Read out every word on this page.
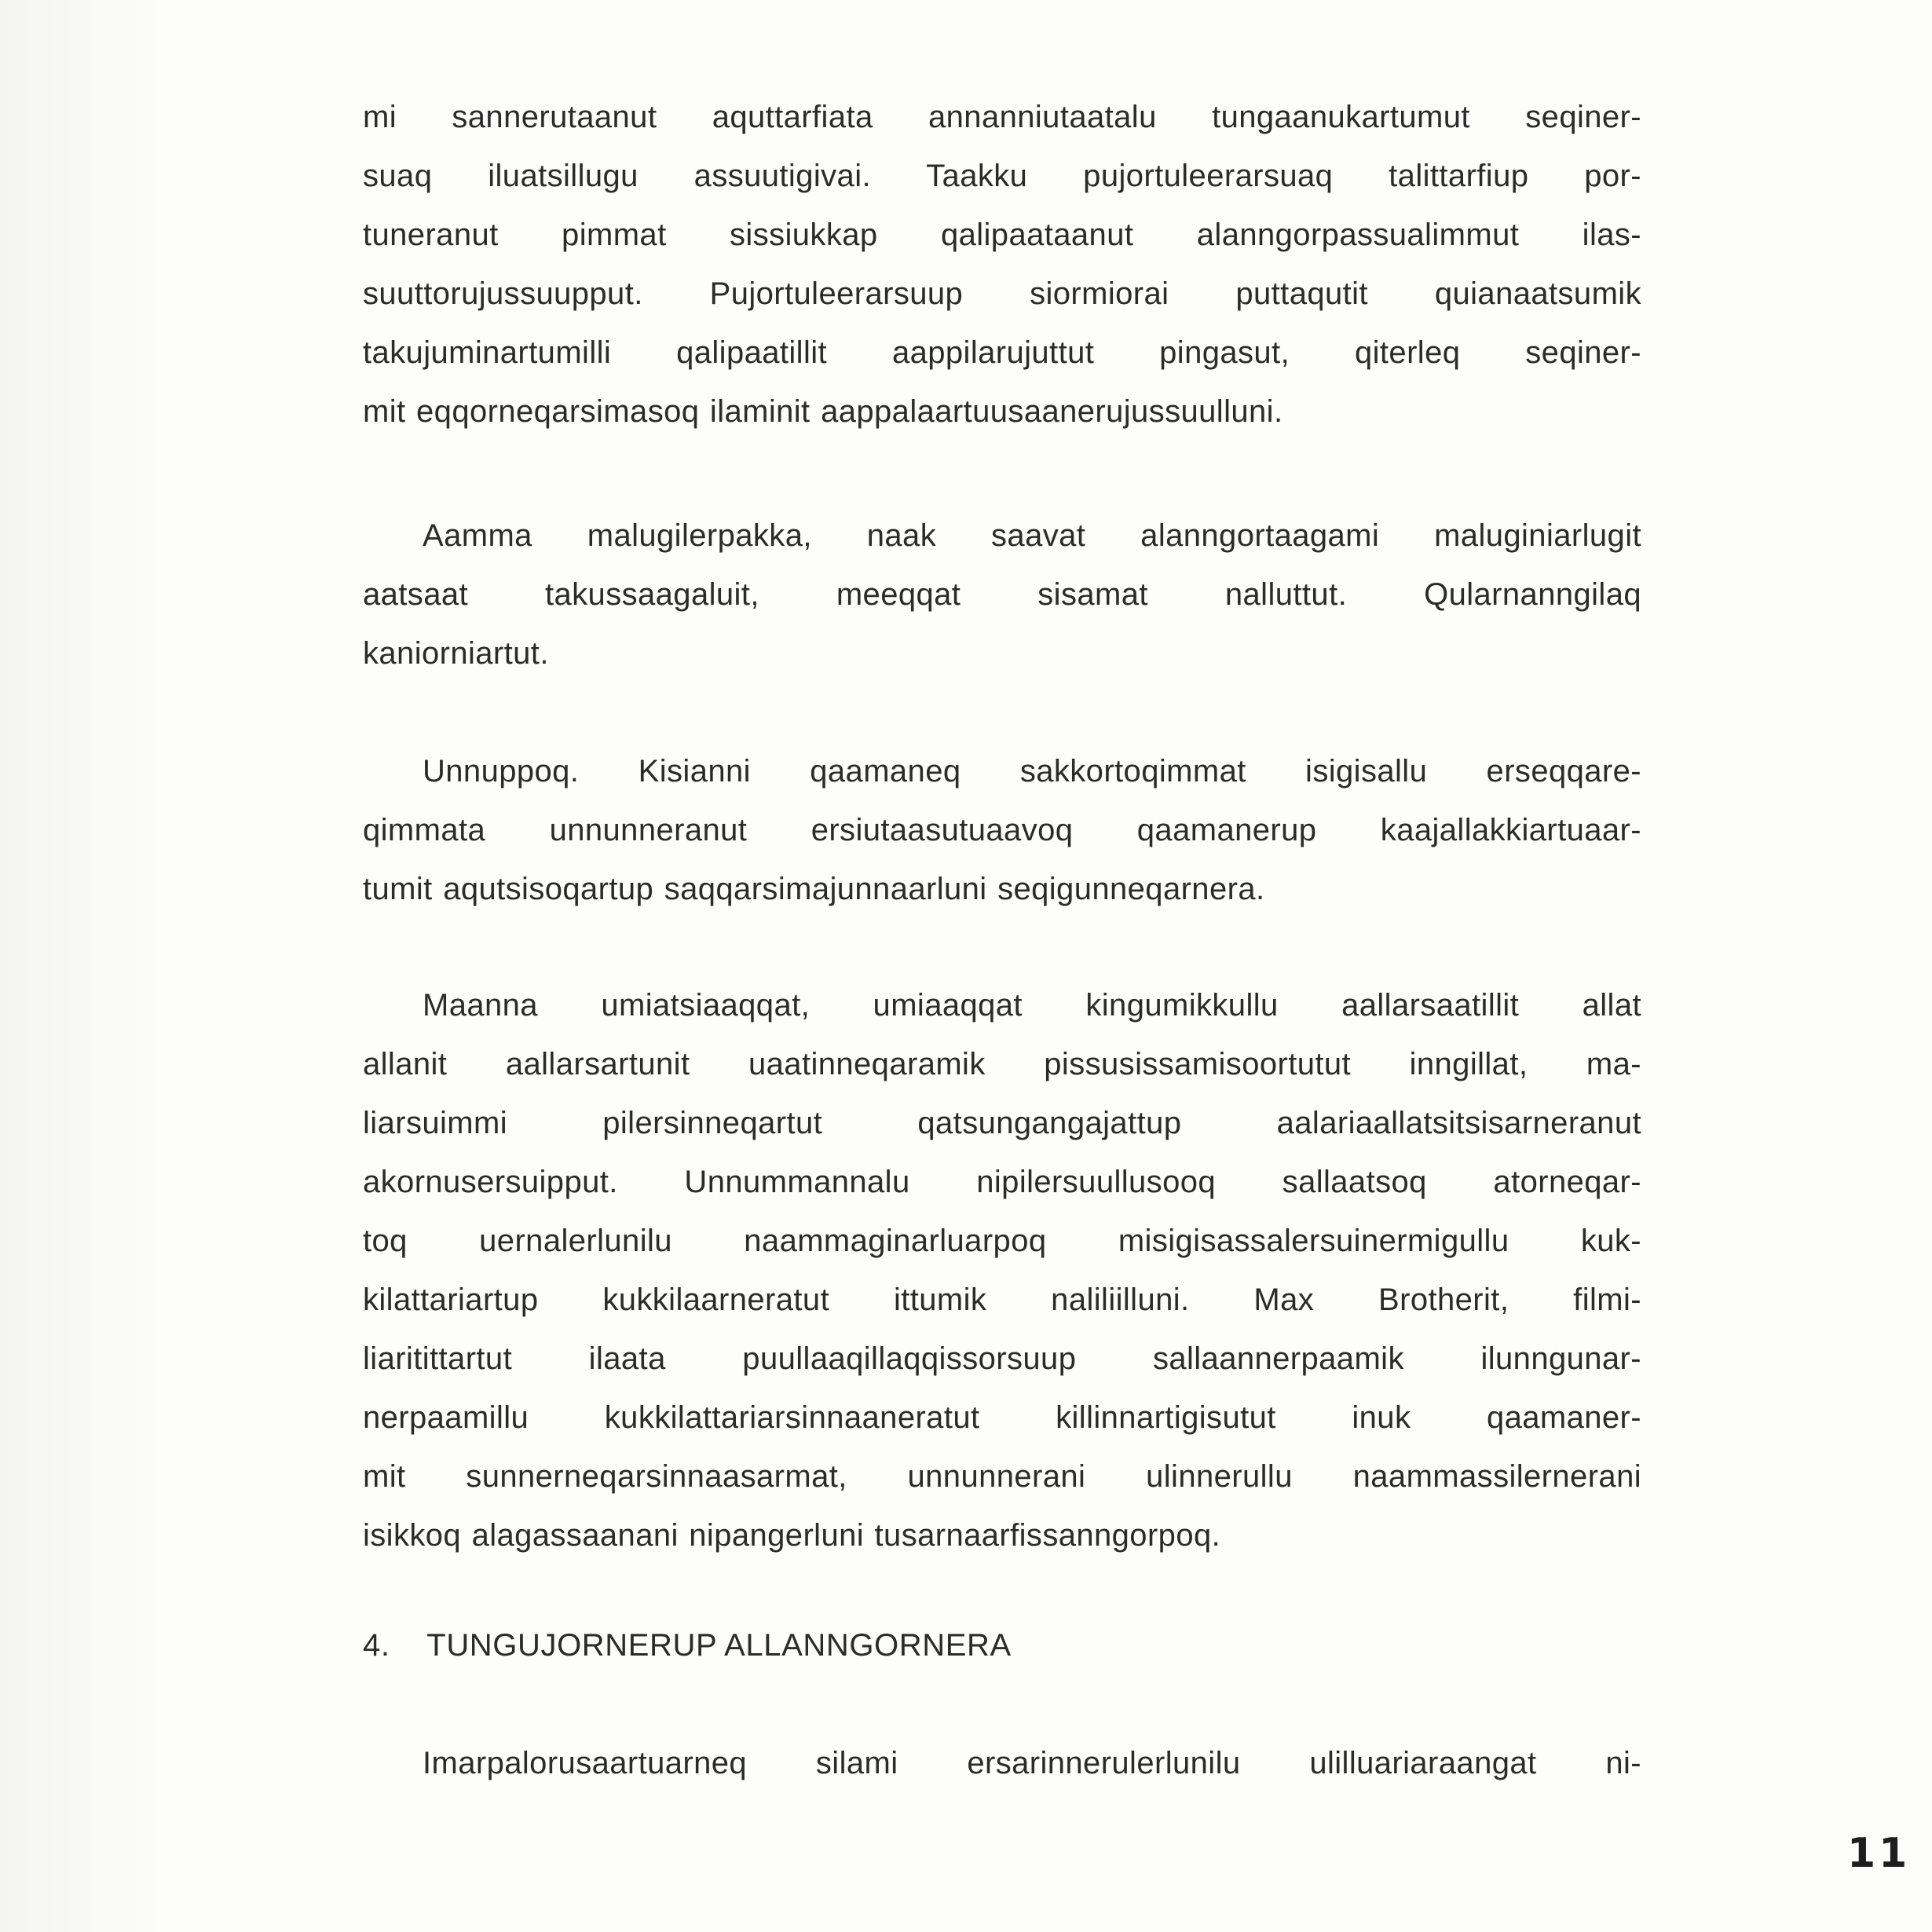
mi sannerutaanut aquttarfiata annanniutaatalu tungaanukartumut seqiner-
suaq iluatsillugu assuutigivai. Taakku pujortuleerarsuaq talittarfiup por-
tuneranut pimmat sissiukkap qalipaataanut alanngorpassualimmut ilas-
suuttorujussuupput. Pujortuleerarsuup siormiorai puttaqutit quianaatsumik
takujuminartumilli qalipaatillit aappilarujuttut pingasut, qiterleq seqiner-
mit eqqorneqarsimasoq ilaminit aappalaartuusaanerujussuulluni.
Aamma malugilerpakka, naak saavat alanngortaagami maluginiarlugit
aatsaat takussaagaluit, meeqqat sisamat nalluttut. Qularnanngilaq
kaniorniartut.
Unnuppoq. Kisianni qaamaneq sakkortoqimmat isigisallu erseqqare-
qimmata unnunneranut ersiutaasutuaavoq qaamanerup kaajallakkiartuaar-
tumit aqutsisoqartup saqqarsimajunnaarluni seqigunneqarnera.
Maanna umiatsiaaqqat, umiaaqqat kingumikkullu aallarsaatillit allat
allanit aallarsartunit uaatinneqaramik pissusissamisoortutut inngillat, ma-
liarsuimmi pilersinneqartut qatsungangajattup aalariaallatsitsisarneranut
akornusersuipput. Unnummannalu nipilersuullusooq sallaatsoq atorneqar-
toq uernalerlunilu naammaginarluarpoq misigisassalersuinermigullu kuk-
kilattariartup kukkilaarneratut ittumik naliliilluni. Max Brotherit, filmi-
liaritittartut ilaata puullaaqillaqqissorsuup sallaannerpaamik ilunngunar-
nerpaamillu kukkilattariarsinnaaneratut killinnartigisutut inuk qaamaner-
mit sunnerneqarsinnaasarmat, unnunnerani ulinnerullu naammassilernerani
isikkoq alagassaanani nipangerluni tusarnaarfissanngorpoq.
4. TUNGUJORNERUP ALLANNGORNERA
Imarpalorusaartuarneq silami ersarinnerulerlunilu ulilluariaraangat ni-
11
